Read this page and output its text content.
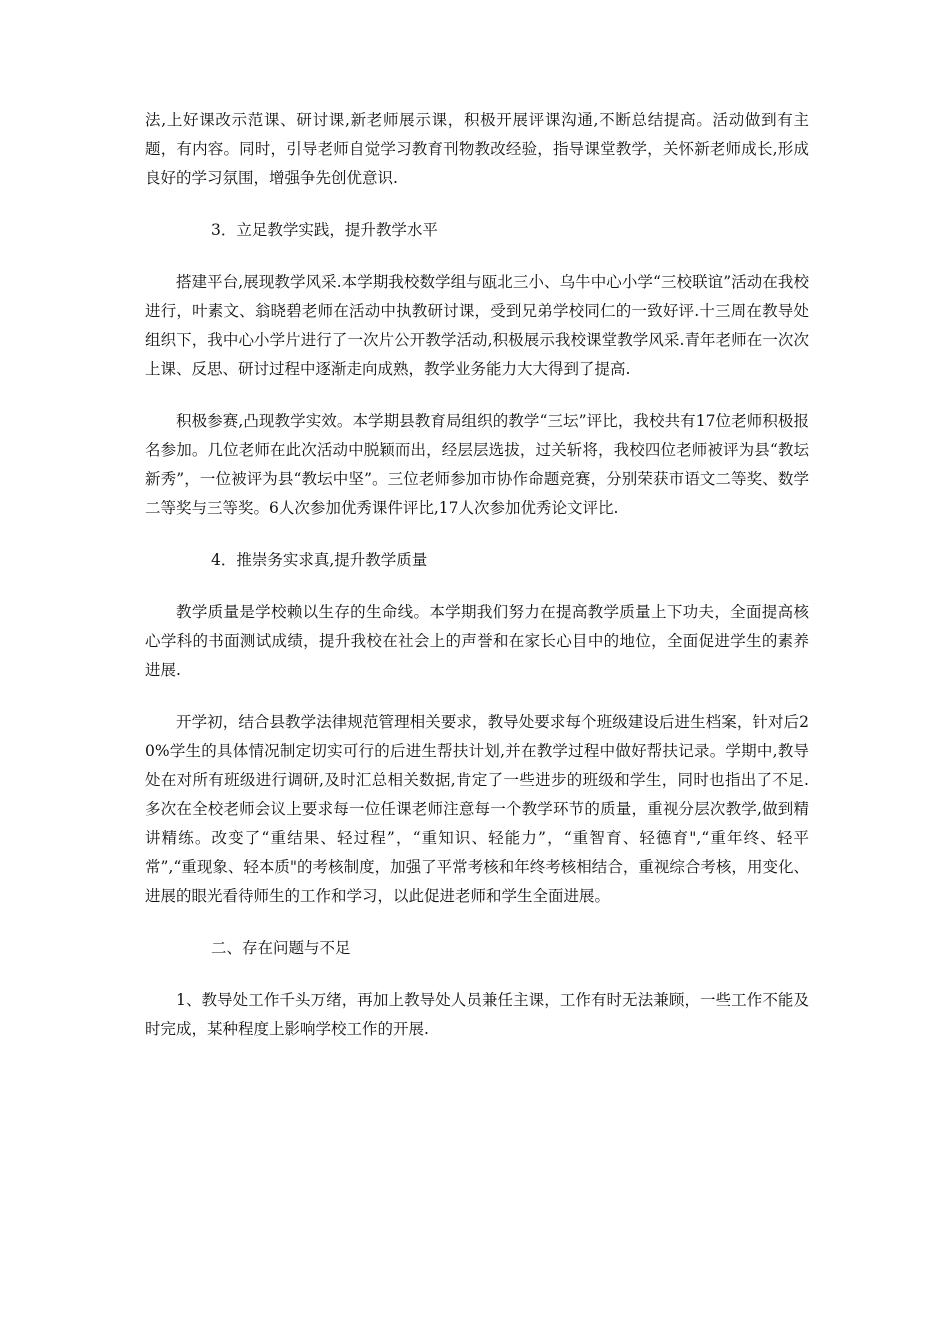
法,上好课改示范课、研讨课,新老师展示课，积极开展评课沟通,不断总结提高。活动做到有主题，有内容。同时，引导老师自觉学习教育刊物教改经验，指导课堂教学，关怀新老师成长,形成良好的学习氛围，增强争先创优意识.

3．立足教学实践，提升教学水平

搭建平台,展现教学风采.本学期我校数学组与瓯北三小、乌牛中心小学“三校联谊”活动在我校进行，叶素文、翁晓碧老师在活动中执教研讨课，受到兄弟学校同仁的一致好评.十三周在教导处组织下，我中心小学片进行了一次片公开教学活动,积极展示我校课堂教学风采.青年老师在一次次上课、反思、研讨过程中逐渐走向成熟，教学业务能力大大得到了提高.

积极参赛,凸现教学实效。本学期县教育局组织的教学“三坛”评比，我校共有17位老师积极报名参加。几位老师在此次活动中脱颖而出，经层层选拔，过关斩将，我校四位老师被评为县“教坛新秀”，一位被评为县“教坛中坚”。三位老师参加市协作命题竞赛，分别荣获市语文二等奖、数学二等奖与三等奖。6人次参加优秀课件评比,17人次参加优秀论文评比.

4．推崇务实求真,提升教学质量

教学质量是学校赖以生存的生命线。本学期我们努力在提高教学质量上下功夫，全面提高核心学科的书面测试成绩，提升我校在社会上的声誉和在家长心目中的地位，全面促进学生的素养进展.

开学初，结合县教学法律规范管理相关要求，教导处要求每个班级建设后进生档案，针对后20%学生的具体情况制定切实可行的后进生帮扶计划,并在教学过程中做好帮扶记录。学期中,教导处在对所有班级进行调研,及时汇总相关数据,肯定了一些进步的班级和学生，同时也指出了不足.多次在全校老师会议上要求每一位任课老师注意每一个教学环节的质量，重视分层次教学,做到精讲精练。改变了“重结果、轻过程”，“重知识、轻能力”，“重智育、轻德育",“重年终、轻平常”,“重现象、轻本质"的考核制度，加强了平常考核和年终考核相结合，重视综合考核，用变化、进展的眼光看待师生的工作和学习，以此促进老师和学生全面进展。

二、存在问题与不足

1、教导处工作千头万绪，再加上教导处人员兼任主课，工作有时无法兼顾，一些工作不能及时完成，某种程度上影响学校工作的开展.
